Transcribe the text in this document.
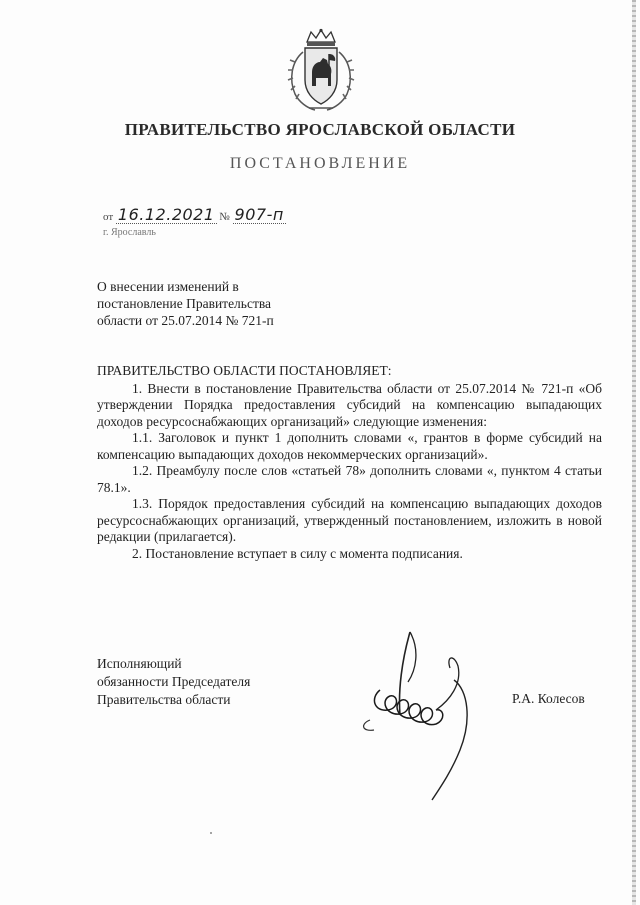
ПРАВИТЕЛЬСТВО ЯРОСЛАВСКОЙ ОБЛАСТИ
ПОСТАНОВЛЕНИЕ
от 16.12.2021 № 907-п
г. Ярославль
О внесении изменений в
постановление Правительства
области от 25.07.2014 № 721-п

ПРАВИТЕЛЬСТВО ОБЛАСТИ ПОСТАНОВЛЯЕТ:

1. Внести в постановление Правительства области от 25.07.2014 № 721-п «Об утверждении Порядка предоставления субсидий на компенсацию выпадающих доходов ресурсоснабжающих организаций» следующие изменения:

1.1. Заголовок и пункт 1 дополнить словами «, грантов в форме субсидий на компенсацию выпадающих доходов некоммерческих организаций».

1.2. Преамбулу после слов «статьей 78» дополнить словами «, пунктом 4 статьи 78.1».

1.3. Порядок предоставления субсидий на компенсацию выпадающих доходов ресурсоснабжающих организаций, утвержденный постановлением, изложить в новой редакции (прилагается).

2. Постановление вступает в силу с момента подписания.

Исполняющий
обязанности Председателя
Правительства области	Р.А. Колесов
